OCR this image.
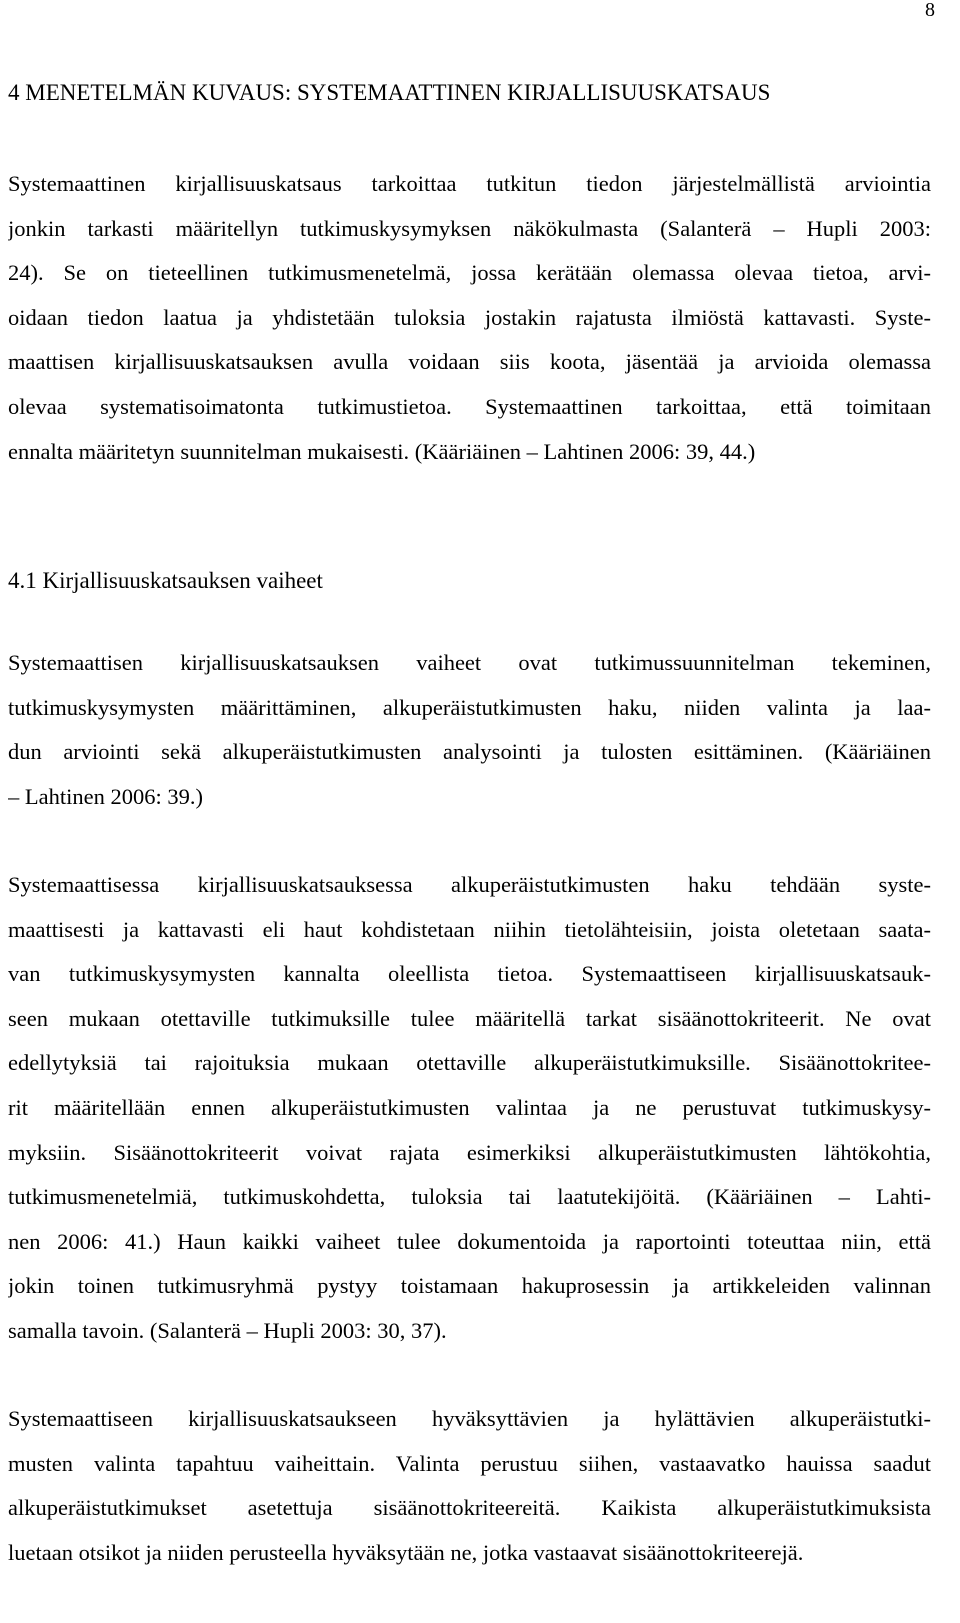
8
4 MENETELMÄN KUVAUS: SYSTEMAATTINEN KIRJALLISUUSKATSAUS
Systemaattinen kirjallisuuskatsaus tarkoittaa tutkitun tiedon järjestelmällistä arviointia
jonkin tarkasti määritellyn tutkimuskysymyksen näkökulmasta (Salanterä – Hupli 2003:
24). Se on tieteellinen tutkimusmenetelmä, jossa kerätään olemassa olevaa tietoa, arvi-
oidaan tiedon laatua ja yhdistetään tuloksia jostakin rajatusta ilmiöstä kattavasti. Syste-
maattisen kirjallisuuskatsauksen avulla voidaan siis koota, jäsentää ja arvioida olemassa
olevaa systematisoimatonta tutkimustietoa. Systemaattinen tarkoittaa, että toimitaan
ennalta määritetyn suunnitelman mukaisesti. (Kääriäinen – Lahtinen 2006: 39, 44.)
4.1 Kirjallisuuskatsauksen vaiheet
Systemaattisen kirjallisuuskatsauksen vaiheet ovat tutkimussuunnitelman tekeminen,
tutkimuskysymysten määrittäminen, alkuperäistutkimusten haku, niiden valinta ja laa-
dun arviointi sekä alkuperäistutkimusten analysointi ja tulosten esittäminen. (Kääriäinen
– Lahtinen 2006: 39.)
Systemaattisessa kirjallisuuskatsauksessa alkuperäistutkimusten haku tehdään syste-
maattisesti ja kattavasti eli haut kohdistetaan niihin tietolähteisiin, joista oletetaan saata-
van tutkimuskysymysten kannalta oleellista tietoa. Systemaattiseen kirjallisuuskatsauk-
seen mukaan otettaville tutkimuksille tulee määritellä tarkat sisäänottokriteerit. Ne ovat
edellytyksiä tai rajoituksia mukaan otettaville alkuperäistutkimuksille. Sisäänottokritee-
rit määritellään ennen alkuperäistutkimusten valintaa ja ne perustuvat tutkimuskysy-
myksiin. Sisäänottokriteerit voivat rajata esimerkiksi alkuperäistutkimusten lähtökohtia,
tutkimusmenetelmiä, tutkimuskohdetta, tuloksia tai laatutekijöitä. (Kääriäinen – Lahti-
nen 2006: 41.) Haun kaikki vaiheet tulee dokumentoida ja raportointi toteuttaa niin, että
jokin toinen tutkimusryhmä pystyy toistamaan hakuprosessin ja artikkeleiden valinnan
samalla tavoin. (Salanterä – Hupli 2003: 30, 37).
Systemaattiseen kirjallisuuskatsaukseen hyväksyttävien ja hylättävien alkuperäistutki-
musten valinta tapahtuu vaiheittain. Valinta perustuu siihen, vastaavatko hauissa saadut
alkuperäistutkimukset asetettuja sisäänottokriteereitä. Kaikista alkuperäistutkimuksista
luetaan otsikot ja niiden perusteella hyväksytään ne, jotka vastaavat sisäänottokriteerejä.
